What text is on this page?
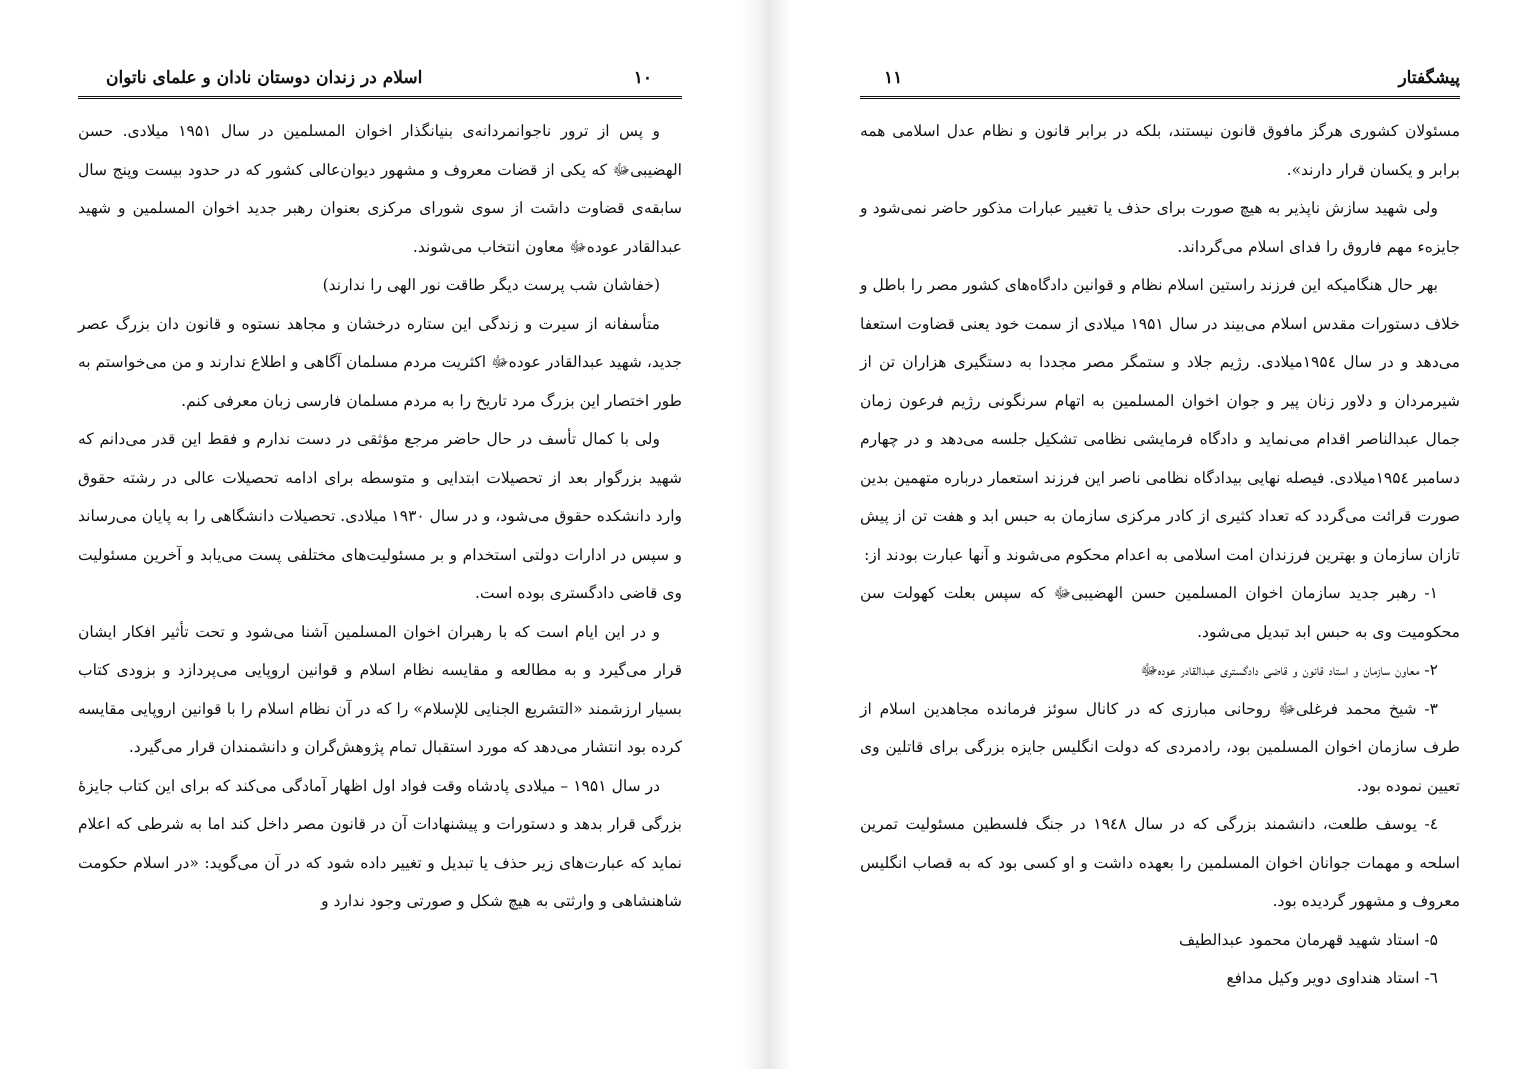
اسلام در زندان دوستان نادان و علمای ناتوان	۱۰

و پس از ترور ناجوانمردانه‌ی بنیانگذار اخوان المسلمین در سال ۱۹۵۱ میلادی. حسن الهضیبی‌ﷻ که یکی از قضات معروف و مشهور دیوان‌عالی کشور که در حدود بیست وپنج سال سابقه‌ی قضاوت داشت از سوی شورای مرکزی بعنوان رهبر جدید اخوان المسلمین و شهید عبدالقادر عوده‌ﷻ معاون انتخاب می‌شوند.

(خفاشان شب پرست دیگر طاقت نور الهی را ندارند)

متأسفانه از سیرت و زندگی این ستاره درخشان و مجاهد نستوه و قانون دان بزرگ عصر جدید، شهید عبدالقادر عوده‌ﷻ اکثریت مردم مسلمان آگاهی و اطلاع ندارند و من می‌خواستم به طور اختصار این بزرگ مرد تاریخ را به مردم مسلمان فارسی زبان معرفی کنم.

ولی با کمال تأسف در حال حاضر مرجع مؤثقی در دست ندارم و فقط این قدر می‌دانم که شهید بزرگوار بعد از تحصیلات ابتدایی و متوسطه برای ادامه تحصیلات عالی در رشته حقوق وارد دانشکده حقوق می‌شود، و در سال ۱۹۳۰ میلادی. تحصیلات دانشگاهی را به پایان می‌رساند و سپس در ادارات دولتی استخدام و بر مسئولیت‌های مختلفی پست می‌یابد و آخرین مسئولیت وی قاضی دادگستری بوده است.

و در این ایام است که با رهبران اخوان المسلمین آشنا می‌شود و تحت تأثیر افکار ایشان قرار می‌گیرد و به مطالعه و مقایسه نظام اسلام و قوانین اروپایی می‌پردازد و بزودی کتاب بسیار ارزشمند «التشریع الجنایی للإسلام» را که در آن نظام اسلام را با قوانین اروپایی مقایسه کرده بود انتشار می‌دهد که مورد استقبال تمام پژوهش‌گران و دانشمندان قرار می‌گیرد.

در سال ۱۹۵۱ – میلادی پادشاه وقت فواد اول اظهار آمادگی می‌کند که برای این کتاب جایزۀ بزرگی قرار بدهد و دستورات و پیشنهادات آن در قانون مصر داخل کند اما به شرطی که اعلام نماید که عبارت‌های زیر حذف یا تبدیل و تغییر داده شود که در آن می‌گوید: «در اسلام حکومت شاهنشاهی و وارثتی به هیچ شکل و صورتی وجود ندارد و

پیشگفتار
۱۱

مسئولان کشوری هرگز مافوق قانون نیستند، بلکه در برابر قانون و نظام عدل اسلامی همه برابر و یکسان قرار دارند».

ولی شهید سازش ناپذیر به هیچ صورت برای حذف یا تغییر عبارات مذکور حاضر نمی‌شود و جایزهء مهم فاروق را فدای اسلام می‌گرداند.

بهر حال هنگامیکه این فرزند راستین اسلام نظام و قوانین دادگاه‌های کشور مصر را باطل و خلاف دستورات مقدس اسلام می‌بیند در سال ۱۹۵۱ میلادی از سمت خود یعنی قضاوت استعفا می‌دهد و در سال ۱۹۵٤میلادی. رژیم جلاد و ستمگر مصر مجددا به دستگیری هزاران تن از شیرمردان و دلاور زنان پیر و جوان اخوان المسلمین به اتهام سرنگونی رژیم فرعون زمان جمال عبدالناصر اقدام می‌نماید و دادگاه فرمایشی نظامی تشکیل جلسه می‌دهد و در چهارم دسامبر ۱۹۵٤میلادی. فیصله نهایی بیدادگاه نظامی ناصر این فرزند استعمار درباره متهمین بدین صورت قرائت می‌گردد که تعداد کثیری از کادر مرکزی سازمان به حبس ابد و هفت تن از پیش تازان سازمان و بهترین فرزندان امت اسلامی به اعدام محکوم می‌شوند و آنها عبارت بودند از:

۱- رهبر جدید سازمان اخوان المسلمین حسن الهضیبی‌ﷻ که سپس بعلت کهولت سن محکومیت وی به حبس ابد تبدیل می‌شود.

۲- معاون سازمان و استاد قانون و قاضی دادگستری عبدالقادر عوده‌ﷻ

۳- شیخ محمد فرغلی‌ﷻ روحانی مبارزی که در کانال سوئز فرمانده مجاهدین اسلام از طرف سازمان اخوان المسلمین بود، رادمردی که دولت انگلیس جایزه بزرگی برای قاتلین وی تعیین نموده بود.

٤- یوسف طلعت، دانشمند بزرگی که در سال ۱۹٤۸ در جنگ فلسطین مسئولیت تمرین اسلحه و مهمات جوانان اخوان المسلمین را بعهده داشت و او کسی بود که به قصاب انگلیس معروف و مشهور گردیده بود.

۵- استاد شهید قهرمان محمود عبدالطیف

٦- استاد هنداوی دویر وکیل مدافع
